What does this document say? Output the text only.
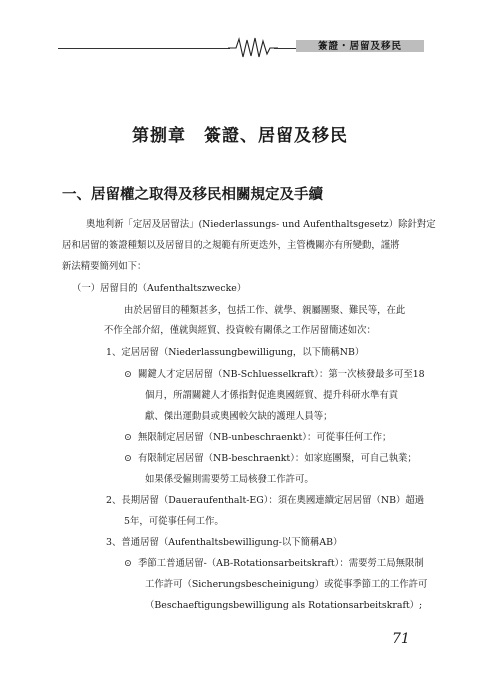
簽證・居留及移民
第捌章　簽證、居留及移民
一、居留權之取得及移民相關規定及手續
奧地利新「定居及居留法」(Niederlassungs- und Aufenthaltsgesetz）除針對定
居和居留的簽證種類以及居留目的之規範有所更迭外，主管機關亦有所變動，謹將
新法精要簡列如下：
（一）居留目的（Aufenthaltszwecke）
由於居留目的種類甚多，包括工作、就學、親屬團聚、難民等，在此
不作全部介紹，僅就與經貿、投資較有關係之工作居留簡述如次：
1、定居居留（Niederlassungbewilligung，以下簡稱NB）
⊙ 關鍵人才定居居留（NB-Schluesselkraft）：第一次核發最多可至18
個月，所謂關鍵人才係指對促進奧國經貿、提升科研水準有貢
獻、傑出運動員或奧國較欠缺的護理人員等；
⊙ 無限制定居居留（NB-unbeschraenkt）：可從事任何工作；
⊙ 有限制定居居留（NB-beschraenkt）：如家庭團聚，可自己執業；
如果係受僱則需要勞工局核發工作許可。
2、長期居留（Daueraufenthalt-EG）：須在奧國連續定居居留（NB）超過
5年，可從事任何工作。
3、普通居留（Aufenthaltsbewilligung-以下簡稱AB）
⊙ 季節工普通居留-（AB-Rotationsarbeitskraft）：需要勞工局無限制
工作許可（Sicherungsbescheinigung）或從事季節工的工作許可
（Beschaeftigungsbewilligung als Rotationsarbeitskraft）;
71
